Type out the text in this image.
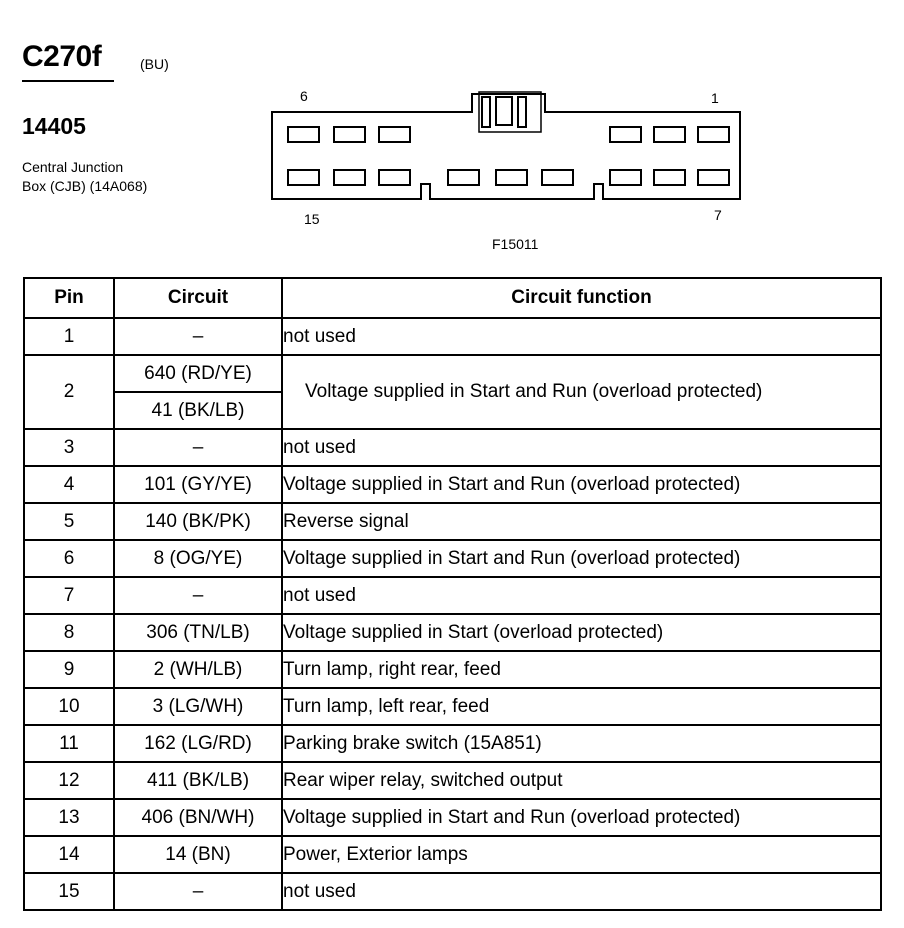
C270f	(BU)
14405
Central Junction
Box (CJB) (14A068)
6	1
15	7
F15011
Pin	Circuit	Circuit function
1	–	not used
2	640 (RD/YE)	Voltage supplied in Start and Run (overload protected)
	41 (BK/LB)	
3	–	not used
4	101 (GY/YE)	Voltage supplied in Start and Run (overload protected)
5	140 (BK/PK)	Reverse signal
6	8 (OG/YE)	Voltage supplied in Start and Run (overload protected)
7	–	not used
8	306 (TN/LB)	Voltage supplied in Start (overload protected)
9	2 (WH/LB)	Turn lamp, right rear, feed
10	3 (LG/WH)	Turn lamp, left rear, feed
11	162 (LG/RD)	Parking brake switch (15A851)
12	411 (BK/LB)	Rear wiper relay, switched output
13	406 (BN/WH)	Voltage supplied in Start and Run (overload protected)
14	14 (BN)	Power, Exterior lamps
15	–	not used
